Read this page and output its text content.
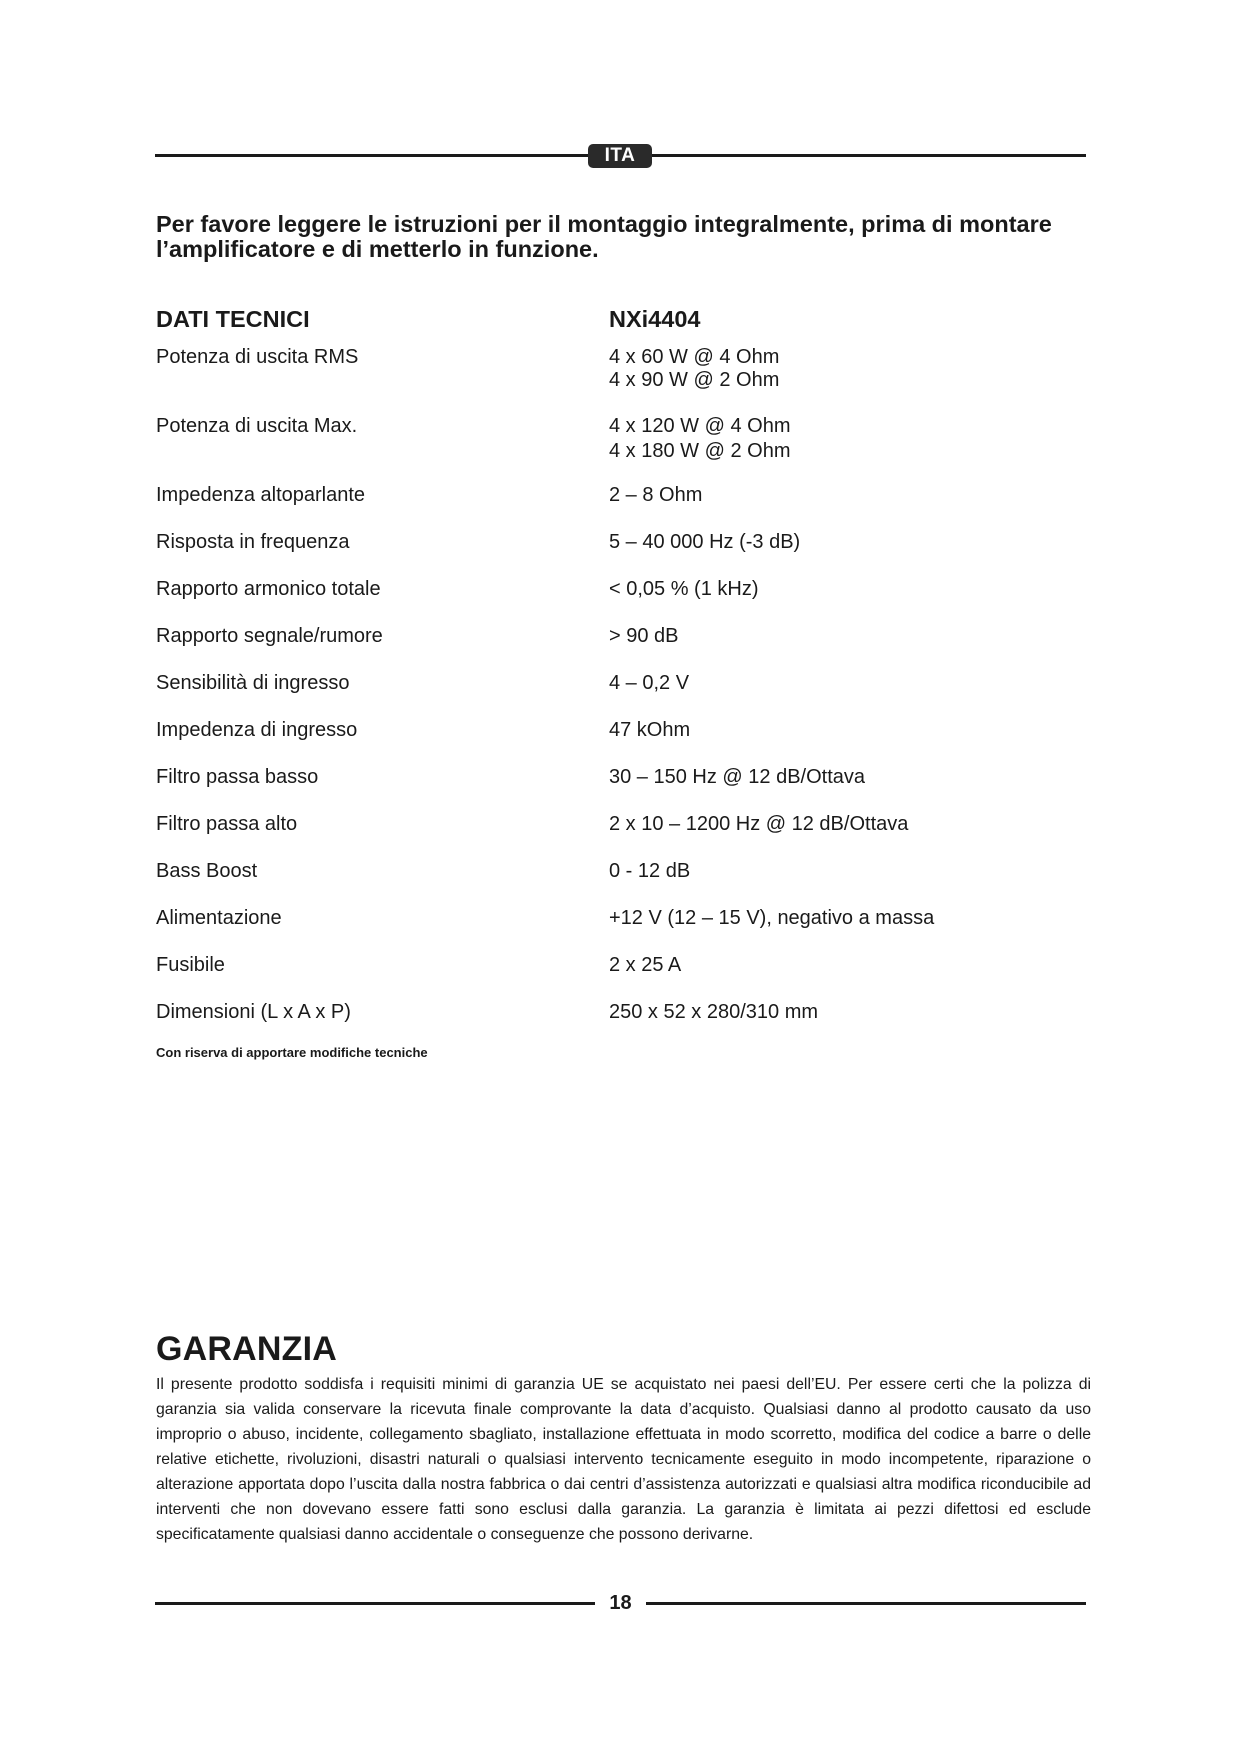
ITA

Per favore leggere le istruzioni per il montaggio integralmente, prima di montare l’amplificatore e di metterlo in funzione.

DATI TECNICI	NXi4404
Potenza di uscita RMS	4 x 60 W @ 4 Ohm
4 x 90 W @ 2 Ohm
Potenza di uscita Max.	4 x 120 W @ 4 Ohm
4 x 180 W @ 2 Ohm
Impedenza altoparlante	2 – 8 Ohm
Risposta in frequenza	5 – 40 000 Hz (-3 dB)
Rapporto armonico totale	< 0,05 % (1 kHz)
Rapporto segnale/rumore	> 90 dB
Sensibilità di ingresso	4 – 0,2 V
Impedenza di ingresso	47 kOhm
Filtro passa basso	30 – 150 Hz @ 12 dB/Ottava
Filtro passa alto	2 x 10 – 1200 Hz @ 12 dB/Ottava
Bass Boost	0 - 12 dB
Alimentazione	+12 V (12 – 15 V), negativo a massa
Fusibile	2 x 25 A
Dimensioni (L x A x P)	250 x 52 x 280/310 mm
Con riserva di apportare modifiche tecniche
GARANZIA

Il presente prodotto soddisfa i requisiti minimi di garanzia UE se acquistato nei paesi dell’EU. Per essere certi che la polizza di garanzia sia valida conservare la ricevuta finale comprovante la data d’acquisto. Qualsiasi danno al prodotto causato da uso improprio o abuso, incidente, collegamento sbagliato, installazione effettuata in modo scorretto, modifica del codice a barre o delle relative etichette, rivoluzioni, disastri naturali o qualsiasi intervento tecnicamente eseguito in modo incompetente, riparazione o alterazione apportata dopo l’uscita dalla nostra fabbrica o dai centri d’assistenza autorizzati e qualsiasi altra modifica riconducibile ad interventi che non dovevano essere fatti sono esclusi dalla garanzia. La garanzia è limitata ai pezzi difettosi ed esclude specificatamente qualsiasi danno accidentale o conseguenze che possono derivarne.

18
